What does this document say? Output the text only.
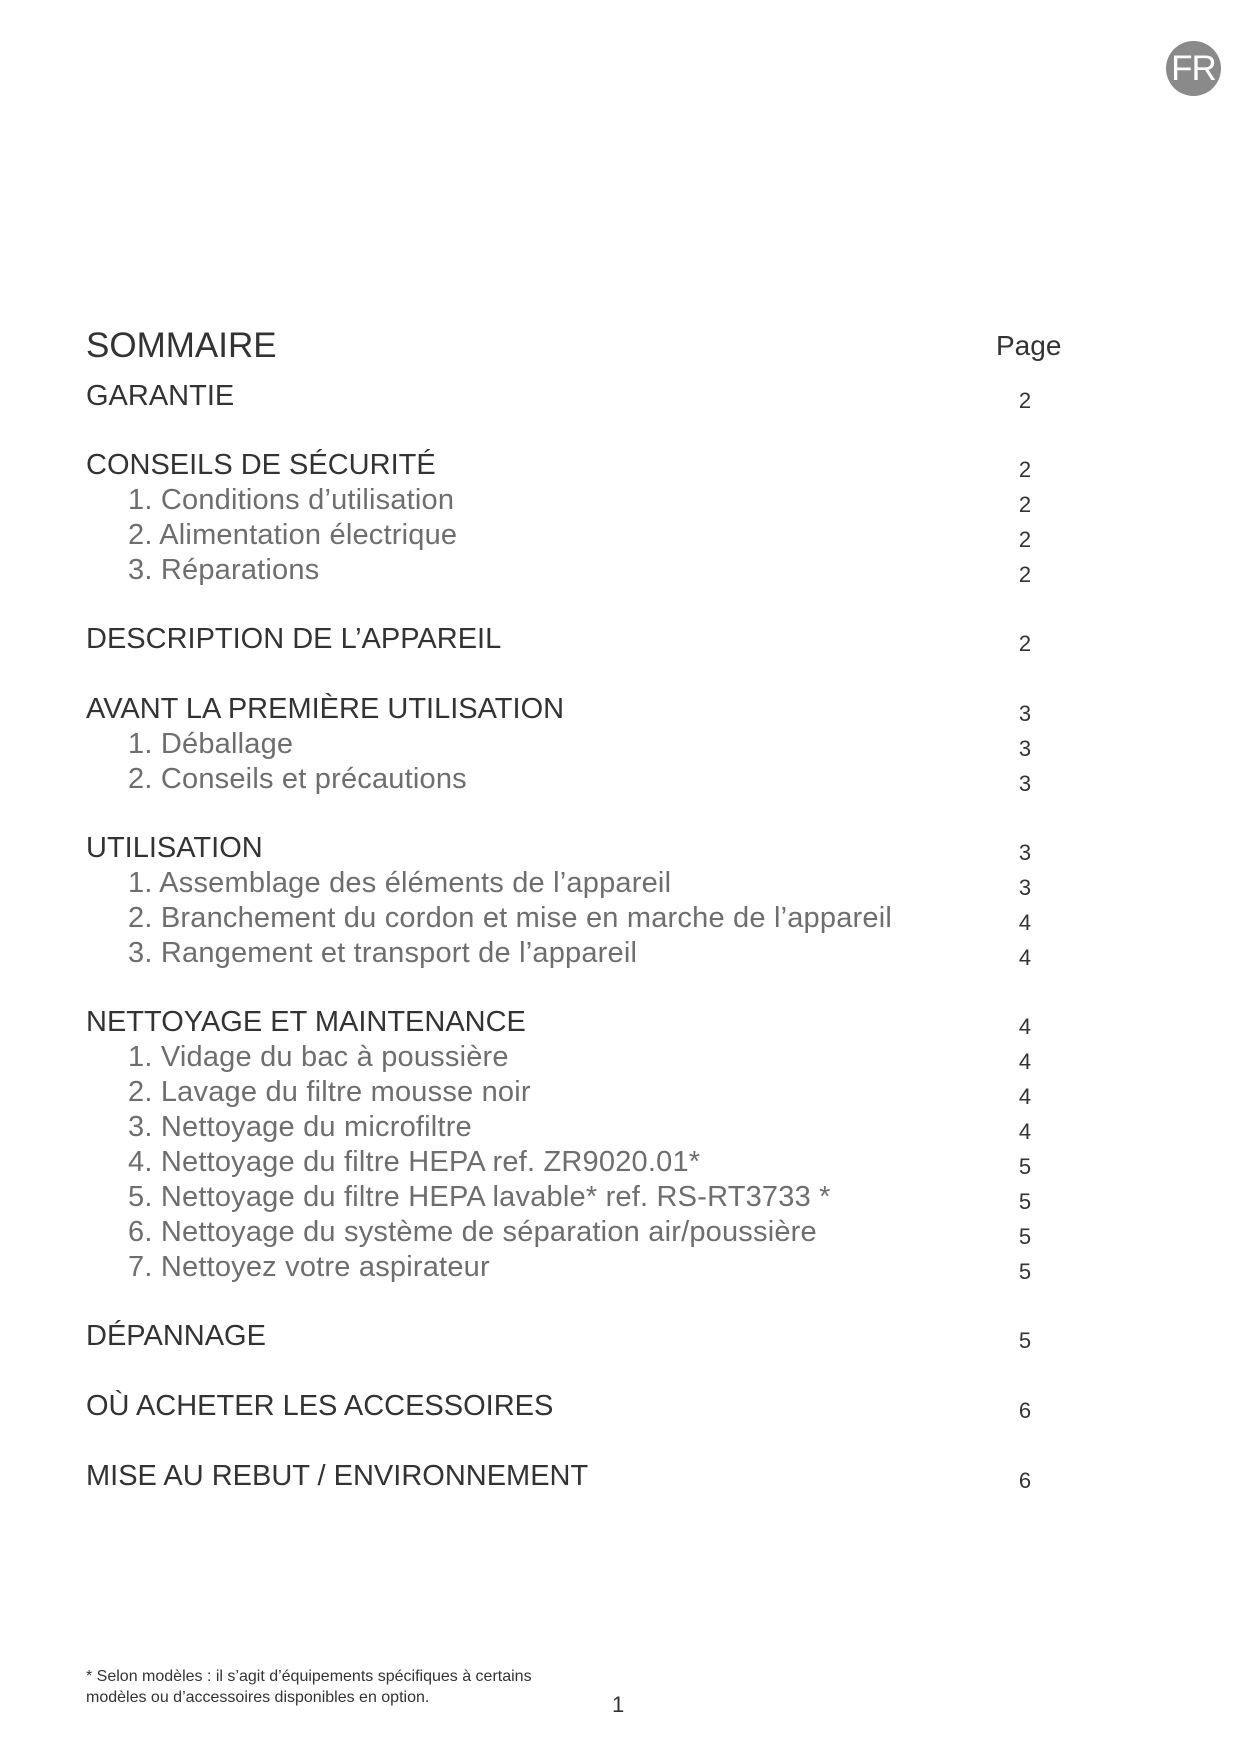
FR
SOMMAIRE	Page
GARANTIE	2
CONSEILS DE SÉCURITÉ	2
1. Conditions d’utilisation	2
2. Alimentation électrique	2
3. Réparations	2
DESCRIPTION DE L’APPAREIL	2
AVANT LA PREMIÈRE UTILISATION	3
1. Déballage	3
2. Conseils et précautions	3
UTILISATION	3
1. Assemblage des éléments de l’appareil	3
2. Branchement du cordon et mise en marche de l’appareil	4
3. Rangement et transport de l’appareil	4
NETTOYAGE ET MAINTENANCE	4
1. Vidage du bac à poussière	4
2. Lavage du filtre mousse noir	4
3. Nettoyage du microfiltre	4
4. Nettoyage du filtre HEPA ref. ZR9020.01*	5
5. Nettoyage du filtre HEPA lavable* ref. RS-RT3733 *	5
6. Nettoyage du système de séparation air/poussière	5
7. Nettoyez votre aspirateur	5
DÉPANNAGE	5
OÙ ACHETER LES ACCESSOIRES	6
MISE AU REBUT / ENVIRONNEMENT	6
* Selon modèles : il s’agit d’équipements spécifiques à certains
modèles ou d’accessoires disponibles en option.	1
